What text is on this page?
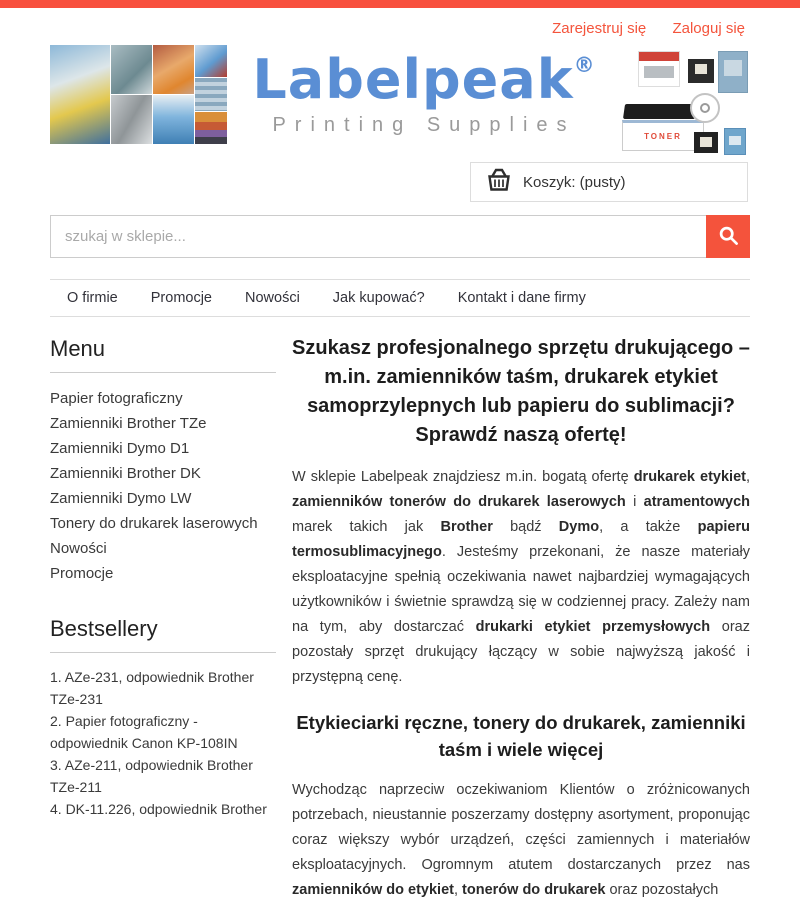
Zarejestruj się Zaloguj się
Labelpeak®
Printing Supplies
TONER
Koszyk: (pusty)
szukaj w sklepie...
O firmie Promocje Nowości Jak kupować? Kontakt i dane firmy
Menu
Papier fotograficzny
Zamienniki Brother TZe
Zamienniki Dymo D1
Zamienniki Brother DK
Zamienniki Dymo LW
Tonery do drukarek laserowych
Nowości
Promocje
Bestsellery
1. AZe-231, odpowiednik Brother TZe-231
2. Papier fotograficzny - odpowiednik Canon KP-108IN
3. AZe-211, odpowiednik Brother TZe-211
4. DK-11.226, odpowiednik Brother
Szukasz profesjonalnego sprzętu drukującego – m.in. zamienników taśm, drukarek etykiet samoprzylepnych lub papieru do sublimacji? Sprawdź naszą ofertę!

W sklepie Labelpeak znajdziesz m.in. bogatą ofertę drukarek etykiet, zamienników tonerów do drukarek laserowych i atramentowych marek takich jak Brother bądź Dymo, a także papieru termosublimacyjnego. Jesteśmy przekonani, że nasze materiały eksploatacyjne spełnią oczekiwania nawet najbardziej wymagających użytkowników i świetnie sprawdzą się w codziennej pracy. Zależy nam na tym, aby dostarczać drukarki etykiet przemysłowych oraz pozostały sprzęt drukujący łączący w sobie najwyższą jakość i przystępną cenę.

Etykieciarki ręczne, tonery do drukarek, zamienniki taśm i wiele więcej

Wychodząc naprzeciw oczekiwaniom Klientów o zróżnicowanych potrzebach, nieustannie poszerzamy dostępny asortyment, proponując coraz większy wybór urządzeń, części zamiennych i materiałów eksploatacyjnych. Ogromnym atutem dostarczanych przez nas zamienników do etykiet, tonerów do drukarek oraz pozostałych
